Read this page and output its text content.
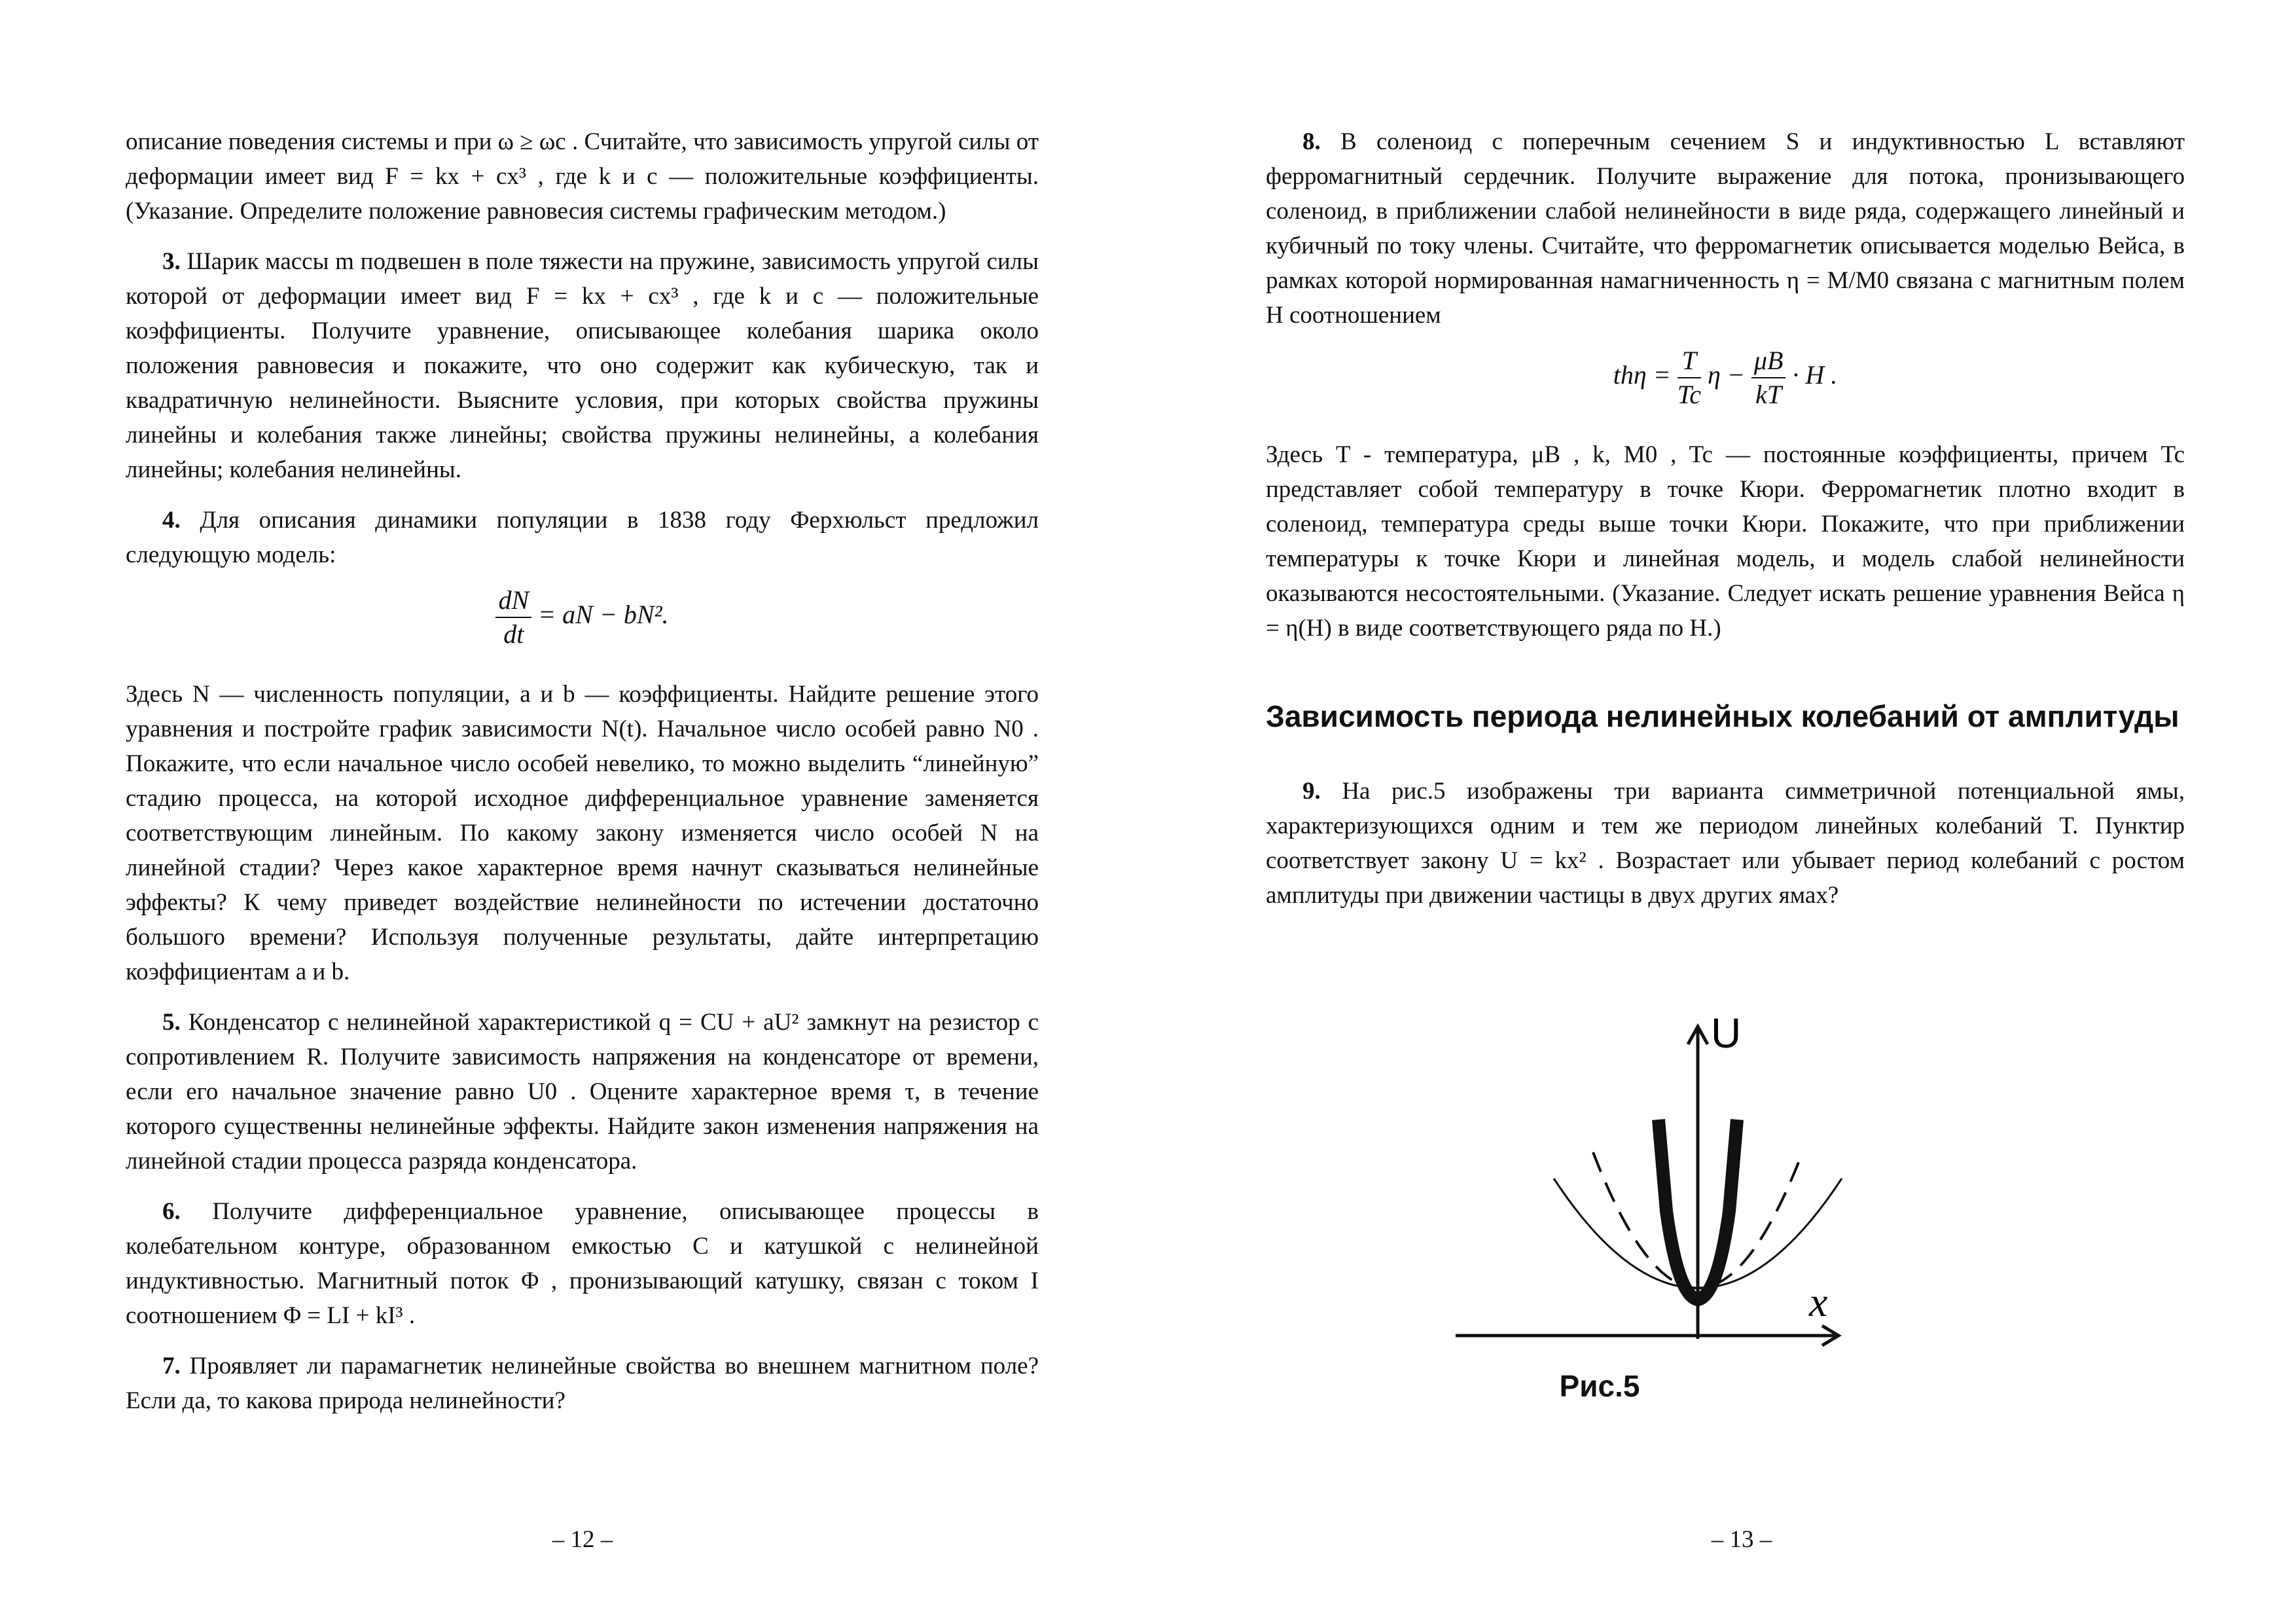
описание поведения системы и при ω ≥ ωc . Считайте, что зависимость упругой силы от деформации имеет вид F = kx + cx³ , где k и c — положительные коэффициенты. (Указание. Определите положение равновесия системы графическим методом.)

3. Шарик массы m подвешен в поле тяжести на пружине, зависимость упругой силы которой от деформации имеет вид F = kx + cx³ , где k и c — положительные коэффициенты. Получите уравнение, описывающее колебания шарика около положения равновесия и покажите, что оно содержит как кубическую, так и квадратичную нелинейности. Выясните условия, при которых свойства пружины линейны и колебания также линейны; свойства пружины нелинейны, а колебания линейны; колебания нелинейны.

4. Для описания динамики популяции в 1838 году Ферхюльст предложил следующую модель:

$\frac{dN}{dt}$ = aN − bN².

Здесь N — численность популяции, a и b — коэффициенты. Найдите решение этого уравнения и постройте график зависимости N(t). Начальное число особей равно N0 . Покажите, что если начальное число особей невелико, то можно выделить “линейную” стадию процесса, на которой исходное дифференциальное уравнение заменяется соответствующим линейным. По какому закону изменяется число особей N на линейной стадии? Через какое характерное время начнут сказываться нелинейные эффекты? К чему приведет воздействие нелинейности по истечении достаточно большого времени? Используя полученные результаты, дайте интерпретацию коэффициентам a и b.

5. Конденсатор с нелинейной характеристикой q = CU + aU² замкнут на резистор с сопротивлением R. Получите зависимость напряжения на конденсаторе от времени, если его начальное значение равно U0 . Оцените характерное время τ, в течение которого существенны нелинейные эффекты. Найдите закон изменения напряжения на линейной стадии процесса разряда конденсатора.

6. Получите дифференциальное уравнение, описывающее процессы в колебательном контуре, образованном емкостью C и катушкой с нелинейной индуктивностью. Магнитный поток Φ , пронизывающий катушку, связан с током I соотношением Φ = LI + kI³ .

7. Проявляет ли парамагнетик нелинейные свойства во внешнем магнитном поле? Если да, то какова природа нелинейности?

– 12 –

8. В соленоид с поперечным сечением S и индуктивностью L вставляют ферромагнитный сердечник. Получите выражение для потока, пронизывающего соленоид, в приближении слабой нелинейности в виде ряда, содержащего линейный и кубичный по току члены. Считайте, что ферромагнетик описывается моделью Вейса, в рамках которой нормированная намагниченность η = M/M0 связана с магнитным полем H соотношением

$th\eta = \frac{T}{Tc}$ $\eta - \frac{\mu B}{kT} \cdot H$ .

Здесь T - температура, μB , k, M0 , Tc — постоянные коэффициенты, причем Tc представляет собой температуру в точке Кюри. Ферромагнетик плотно входит в соленоид, температура среды выше точки Кюри. Покажите, что при приближении температуры к точке Кюри и линейная модель, и модель слабой нелинейности оказываются несостоятельными. (Указание. Следует искать решение уравнения Вейса η = η(H) в виде соответствующего ряда по H.)

Зависимость периода нелинейных колебаний от амплитуды

9. На рис.5 изображены три варианта симметричной потенциальной ямы, характеризующихся одним и тем же периодом линейных колебаний T. Пунктир соответствует закону U = kx² . Возрастает или убывает период колебаний с ростом амплитуды при движении частицы в двух других ямах?

U
x
Рис.5
– 13 –
